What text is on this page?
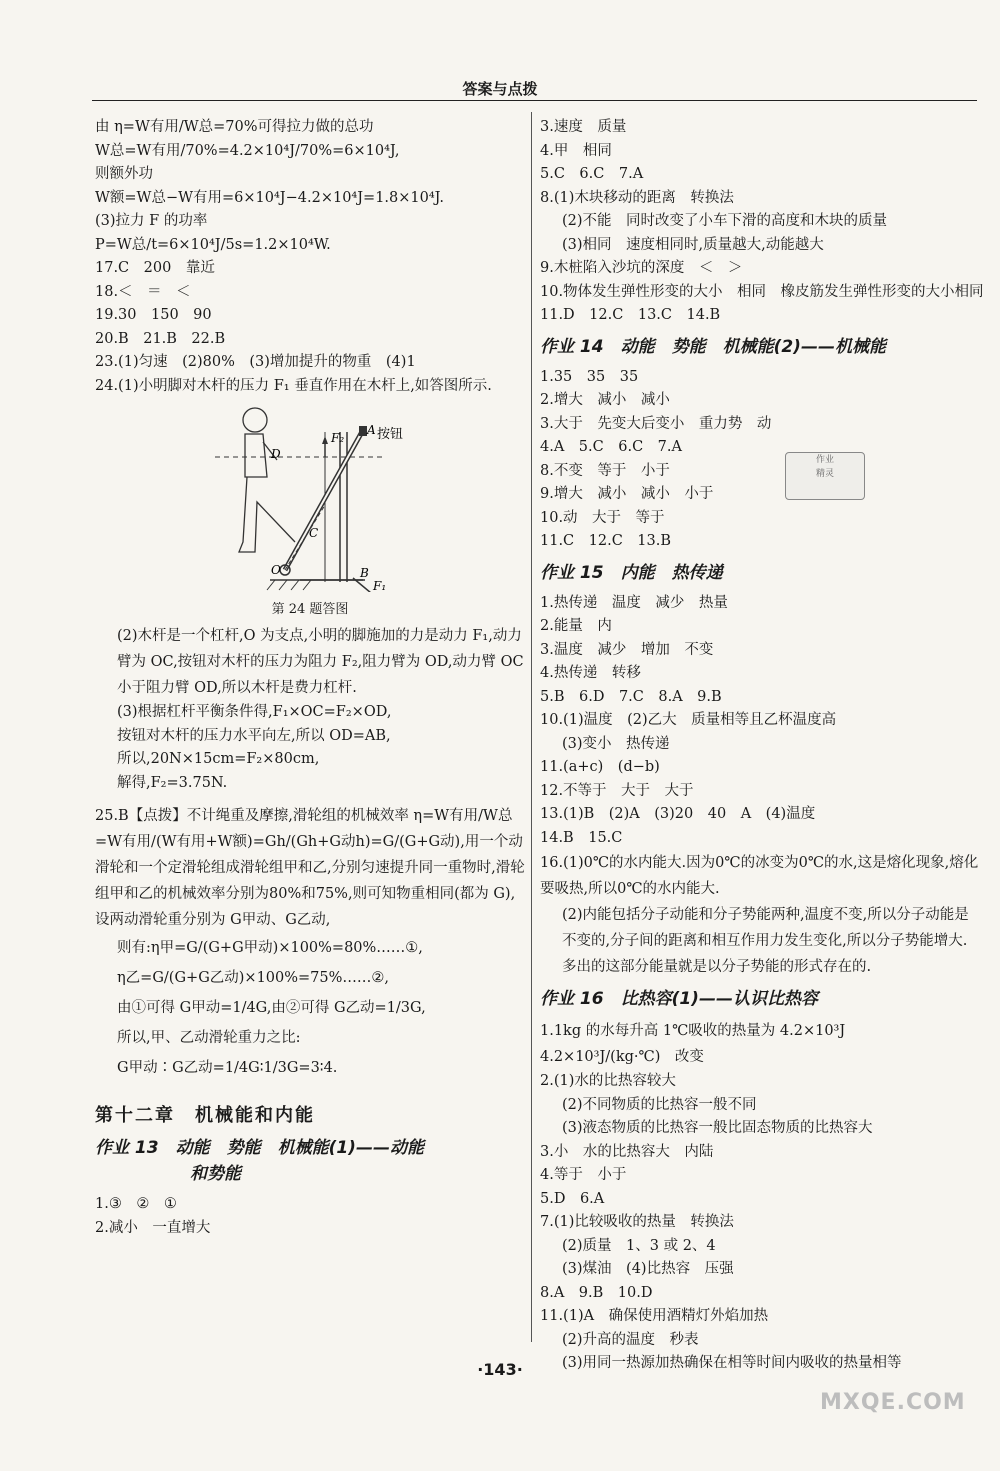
答案与点拨
由 η=W有用/W总=70%可得拉力做的总功
W总=W有用/70%=4.2×10⁴J/70%=6×10⁴J,
则额外功
W额=W总−W有用=6×10⁴J−4.2×10⁴J=1.8×10⁴J.
(3)拉力 F 的功率
P=W总/t=6×10⁴J/5s=1.2×10⁴W.
17.C　200　靠近
18.＜　＝　＜
19.30　150　90
20.B　21.B　22.B
23.(1)匀速　(2)80%　(3)增加提升的物重　(4)1
24.(1)小明脚对木杆的压力 F₁ 垂直作用在木杆上,如答图所示.
A 按钮
F₂
D
C
O	B
F₁
第 24 题答图
(2)木杆是一个杠杆,O 为支点,小明的脚施加的力是动力 F₁,动力臂为 OC,按钮对木杆的压力为阻力 F₂,阻力臂为 OD,动力臂 OC 小于阻力臂 OD,所以木杆是费力杠杆.
(3)根据杠杆平衡条件得,F₁×OC=F₂×OD,
按钮对木杆的压力水平向左,所以 OD=AB,
所以,20N×15cm=F₂×80cm,
解得,F₂=3.75N.
25.B【点拨】不计绳重及摩擦,滑轮组的机械效率 η=W有用/W总=W有用/(W有用+W额)=Gh/(Gh+G动h)=G/(G+G动),用一个动滑轮和一个定滑轮组成滑轮组甲和乙,分别匀速提升同一重物时,滑轮组甲和乙的机械效率分别为80%和75%,则可知物重相同(都为 G),设两动滑轮重分别为 G甲动、G乙动,
则有:η甲=G/(G+G甲动)×100%=80%……①,
η乙=G/(G+G乙动)×100%=75%……②,
由①可得 G甲动=1/4G,由②可得 G乙动=1/3G,
所以,甲、乙动滑轮重力之比:
G甲动∶G乙动=1/4G∶1/3G=3∶4.
第十二章　机械能和内能
作业 13　动能　势能　机械能(1)——动能
和势能
1.③　②　①
2.减小　一直增大
3.速度　质量
4.甲　相同
5.C　6.C　7.A
8.(1)木块移动的距离　转换法
(2)不能　同时改变了小车下滑的高度和木块的质量
(3)相同　速度相同时,质量越大,动能越大
9.木桩陷入沙坑的深度　＜　＞
10.物体发生弹性形变的大小　相同　橡皮筋发生弹性形变的大小相同
11.D　12.C　13.C　14.B
作业 14　动能　势能　机械能(2)——机械能
1.35　35　35
2.增大　减小　减小
3.大于　先变大后变小　重力势　动
4.A　5.C　6.C　7.A
8.不变　等于　小于
9.增大　减小　减小　小于
10.动　大于　等于
11.C　12.C　13.B
作业 15　内能　热传递
1.热传递　温度　减少　热量
2.能量　内
3.温度　减少　增加　不变
4.热传递　转移
5.B　6.D　7.C　8.A　9.B
10.(1)温度　(2)乙大　质量相等且乙杯温度高
(3)变小　热传递
11.(a+c)　(d−b)
12.不等于　大于　大于
13.(1)B　(2)A　(3)20　40　A　(4)温度
14.B　15.C
16.(1)0℃的水内能大.因为0℃的冰变为0℃的水,这是熔化现象,熔化要吸热,所以0℃的水内能大.
(2)内能包括分子动能和分子势能两种,温度不变,所以分子动能是不变的,分子间的距离和相互作用力发生变化,所以分子势能增大.多出的这部分能量就是以分子势能的形式存在的.
作业 16　比热容(1)——认识比热容
1.1kg 的水每升高 1℃吸收的热量为 4.2×10³J　4.2×10³J/(kg·℃)　改变
2.(1)水的比热容较大
(2)不同物质的比热容一般不同
(3)液态物质的比热容一般比固态物质的比热容大
3.小　水的比热容大　内陆
4.等于　小于
5.D　6.A
7.(1)比较吸收的热量　转换法
(2)质量　1、3 或 2、4
(3)煤油　(4)比热容　压强
8.A　9.B　10.D
11.(1)A　确保使用酒精灯外焰加热
(2)升高的温度　秒表
(3)用同一热源加热确保在相等时间内吸收的热量相等
作业
精灵
·143·
MXQE.COM
